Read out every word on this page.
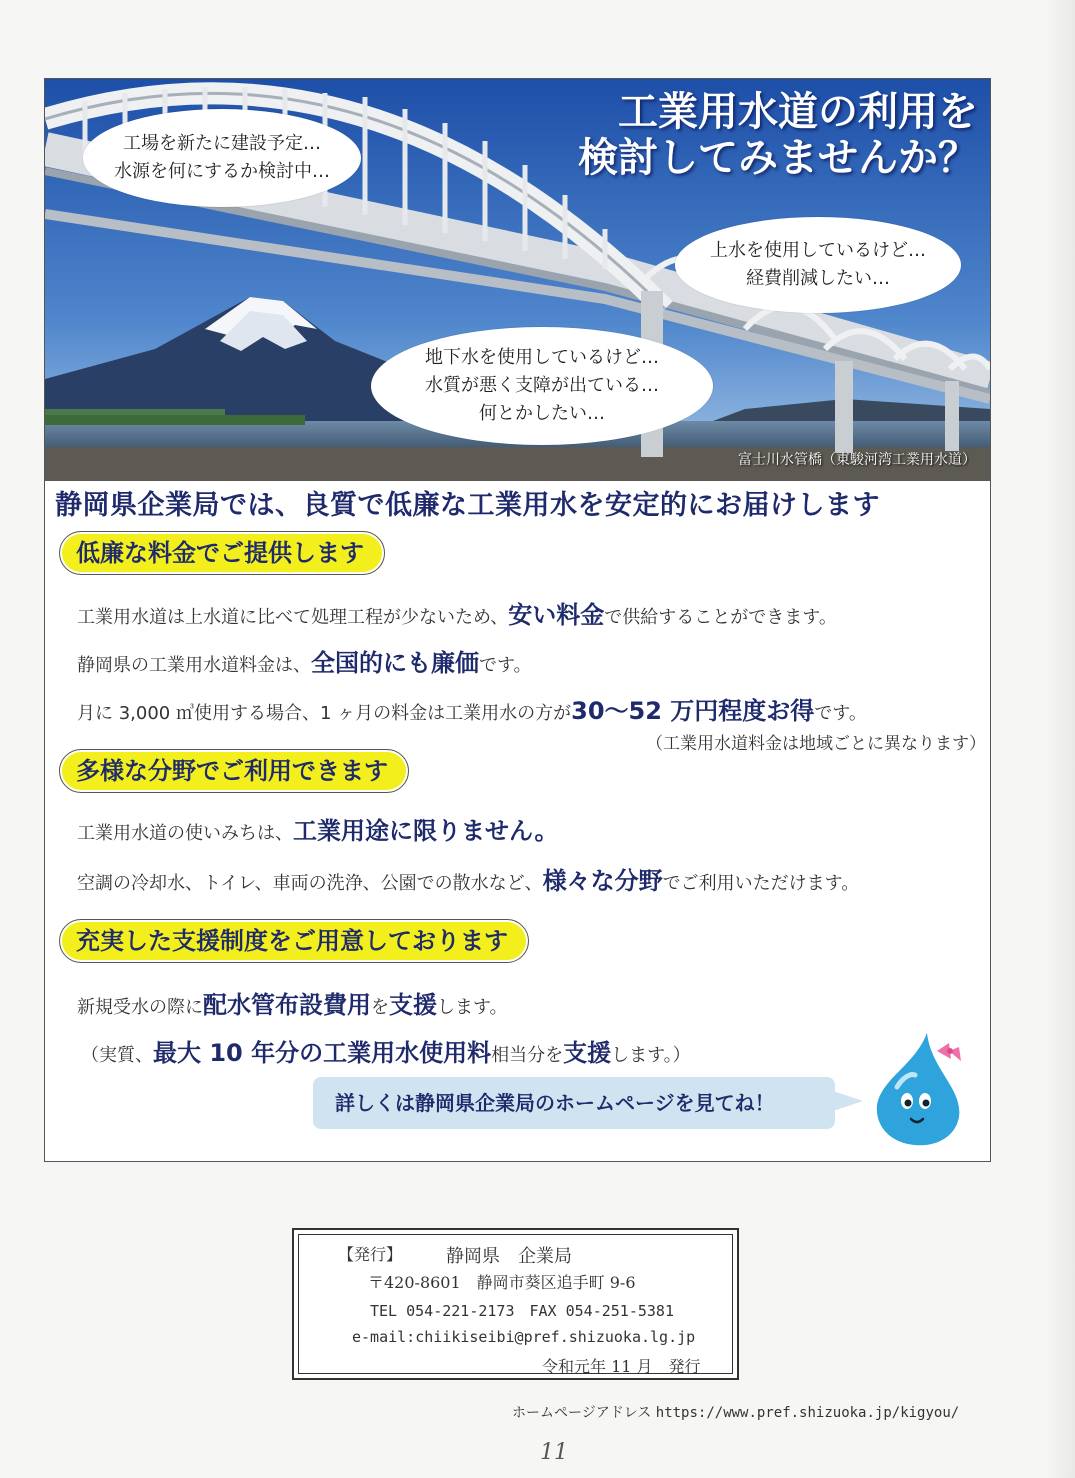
工業用水道の利用を
検討してみませんか？
工場を新たに建設予定…
水源を何にするか検討中…
上水を使用しているけど…
経費削減したい…
地下水を使用しているけど…
水質が悪く支障が出ている…
何とかしたい…
富士川水管橋（東駿河湾工業用水道）
静岡県企業局では、良質で低廉な工業用水を安定的にお届けします
低廉な料金でご提供します
工業用水道は上水道に比べて処理工程が少ないため、安い料金で供給することができます。
静岡県の工業用水道料金は、全国的にも廉価です。
月に 3,000 ㎥使用する場合、1 ヶ月の料金は工業用水の方が30〜52 万円程度お得です。
（工業用水道料金は地域ごとに異なります）
多様な分野でご利用できます
工業用水道の使いみちは、工業用途に限りません。
空調の冷却水、トイレ、車両の洗浄、公園での散水など、様々な分野でご利用いただけます。
充実した支援制度をご用意しております
新規受水の際に配水管布設費用を支援します。
（実質、最大 10 年分の工業用水使用料相当分を支援します。）
詳しくは静岡県企業局のホームページを見てね！
【発行】 静岡県　企業局
〒420-8601　静岡市葵区追手町 9-6
TEL 054-221-2173　FAX 054-251-5381
e-mail:chiikiseibi@pref.shizuoka.lg.jp
令和元年 11 月　発行
ホームページアドレス https://www.pref.shizuoka.jp/kigyou/
11
